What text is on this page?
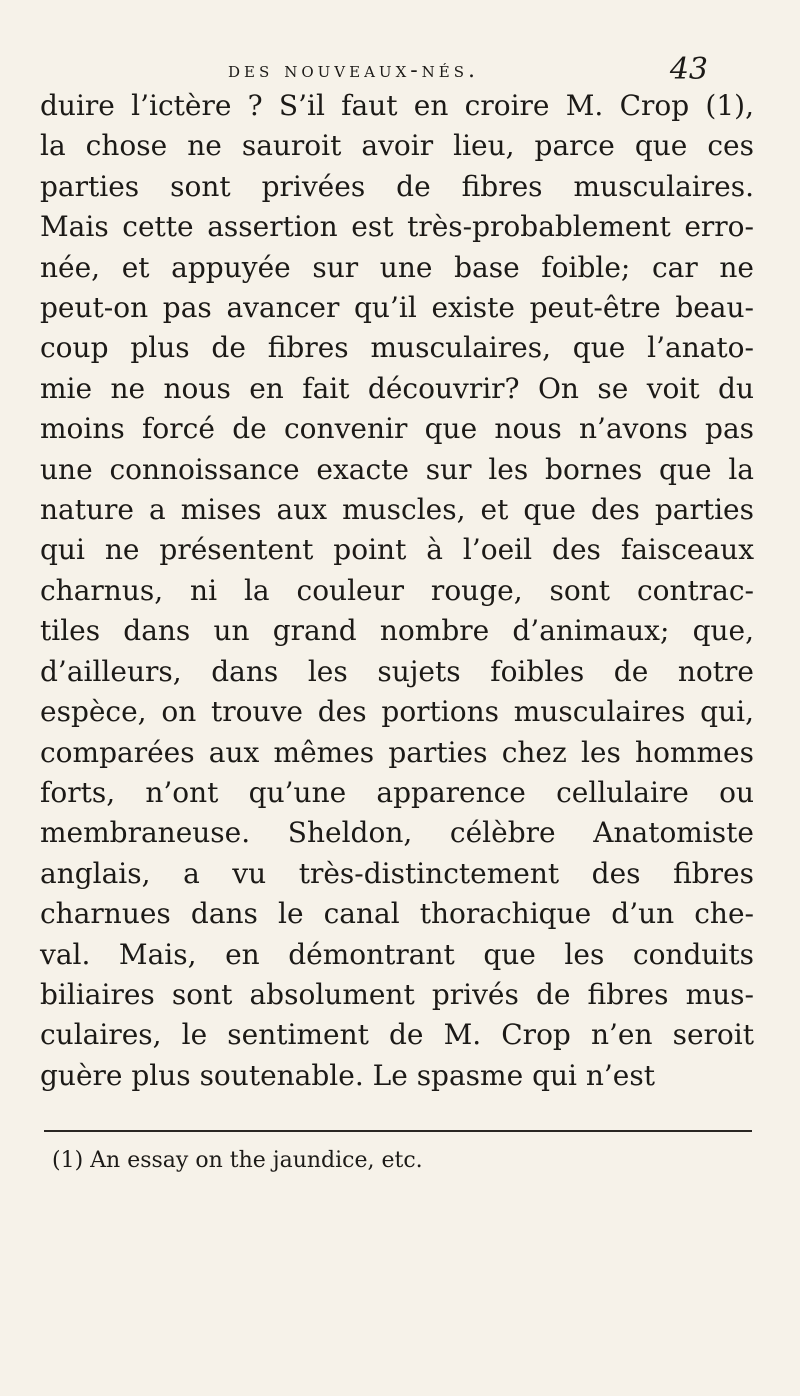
des nouveaux-nés.	43
duire l’ictère ? S’il faut en croire M. Crop (1),
la chose ne sauroit avoir lieu, parce que ces
parties sont privées de fibres musculaires.
Mais cette assertion est très-probablement erro-
née, et appuyée sur une base foible; car ne
peut-on pas avancer qu’il existe peut-être beau-
coup plus de fibres musculaires, que l’anato-
mie ne nous en fait découvrir? On se voit du
moins forcé de convenir que nous n’avons pas
une connoissance exacte sur les bornes que la
nature a mises aux muscles, et que des parties
qui ne présentent point à l’oeil des faisceaux
charnus, ni la couleur rouge, sont contrac-
tiles dans un grand nombre d’animaux; que,
d’ailleurs, dans les sujets foibles de notre
espèce, on trouve des portions musculaires qui,
comparées aux mêmes parties chez les hommes
forts, n’ont qu’une apparence cellulaire ou
membraneuse. Sheldon, célèbre Anatomiste
anglais, a vu très-distinctement des fibres
charnues dans le canal thorachique d’un che-
val. Mais, en démontrant que les conduits
biliaires sont absolument privés de fibres mus-
culaires, le sentiment de M. Crop n’en seroit
guère plus soutenable. Le spasme qui n’est
(1) An essay on the jaundice, etc.
